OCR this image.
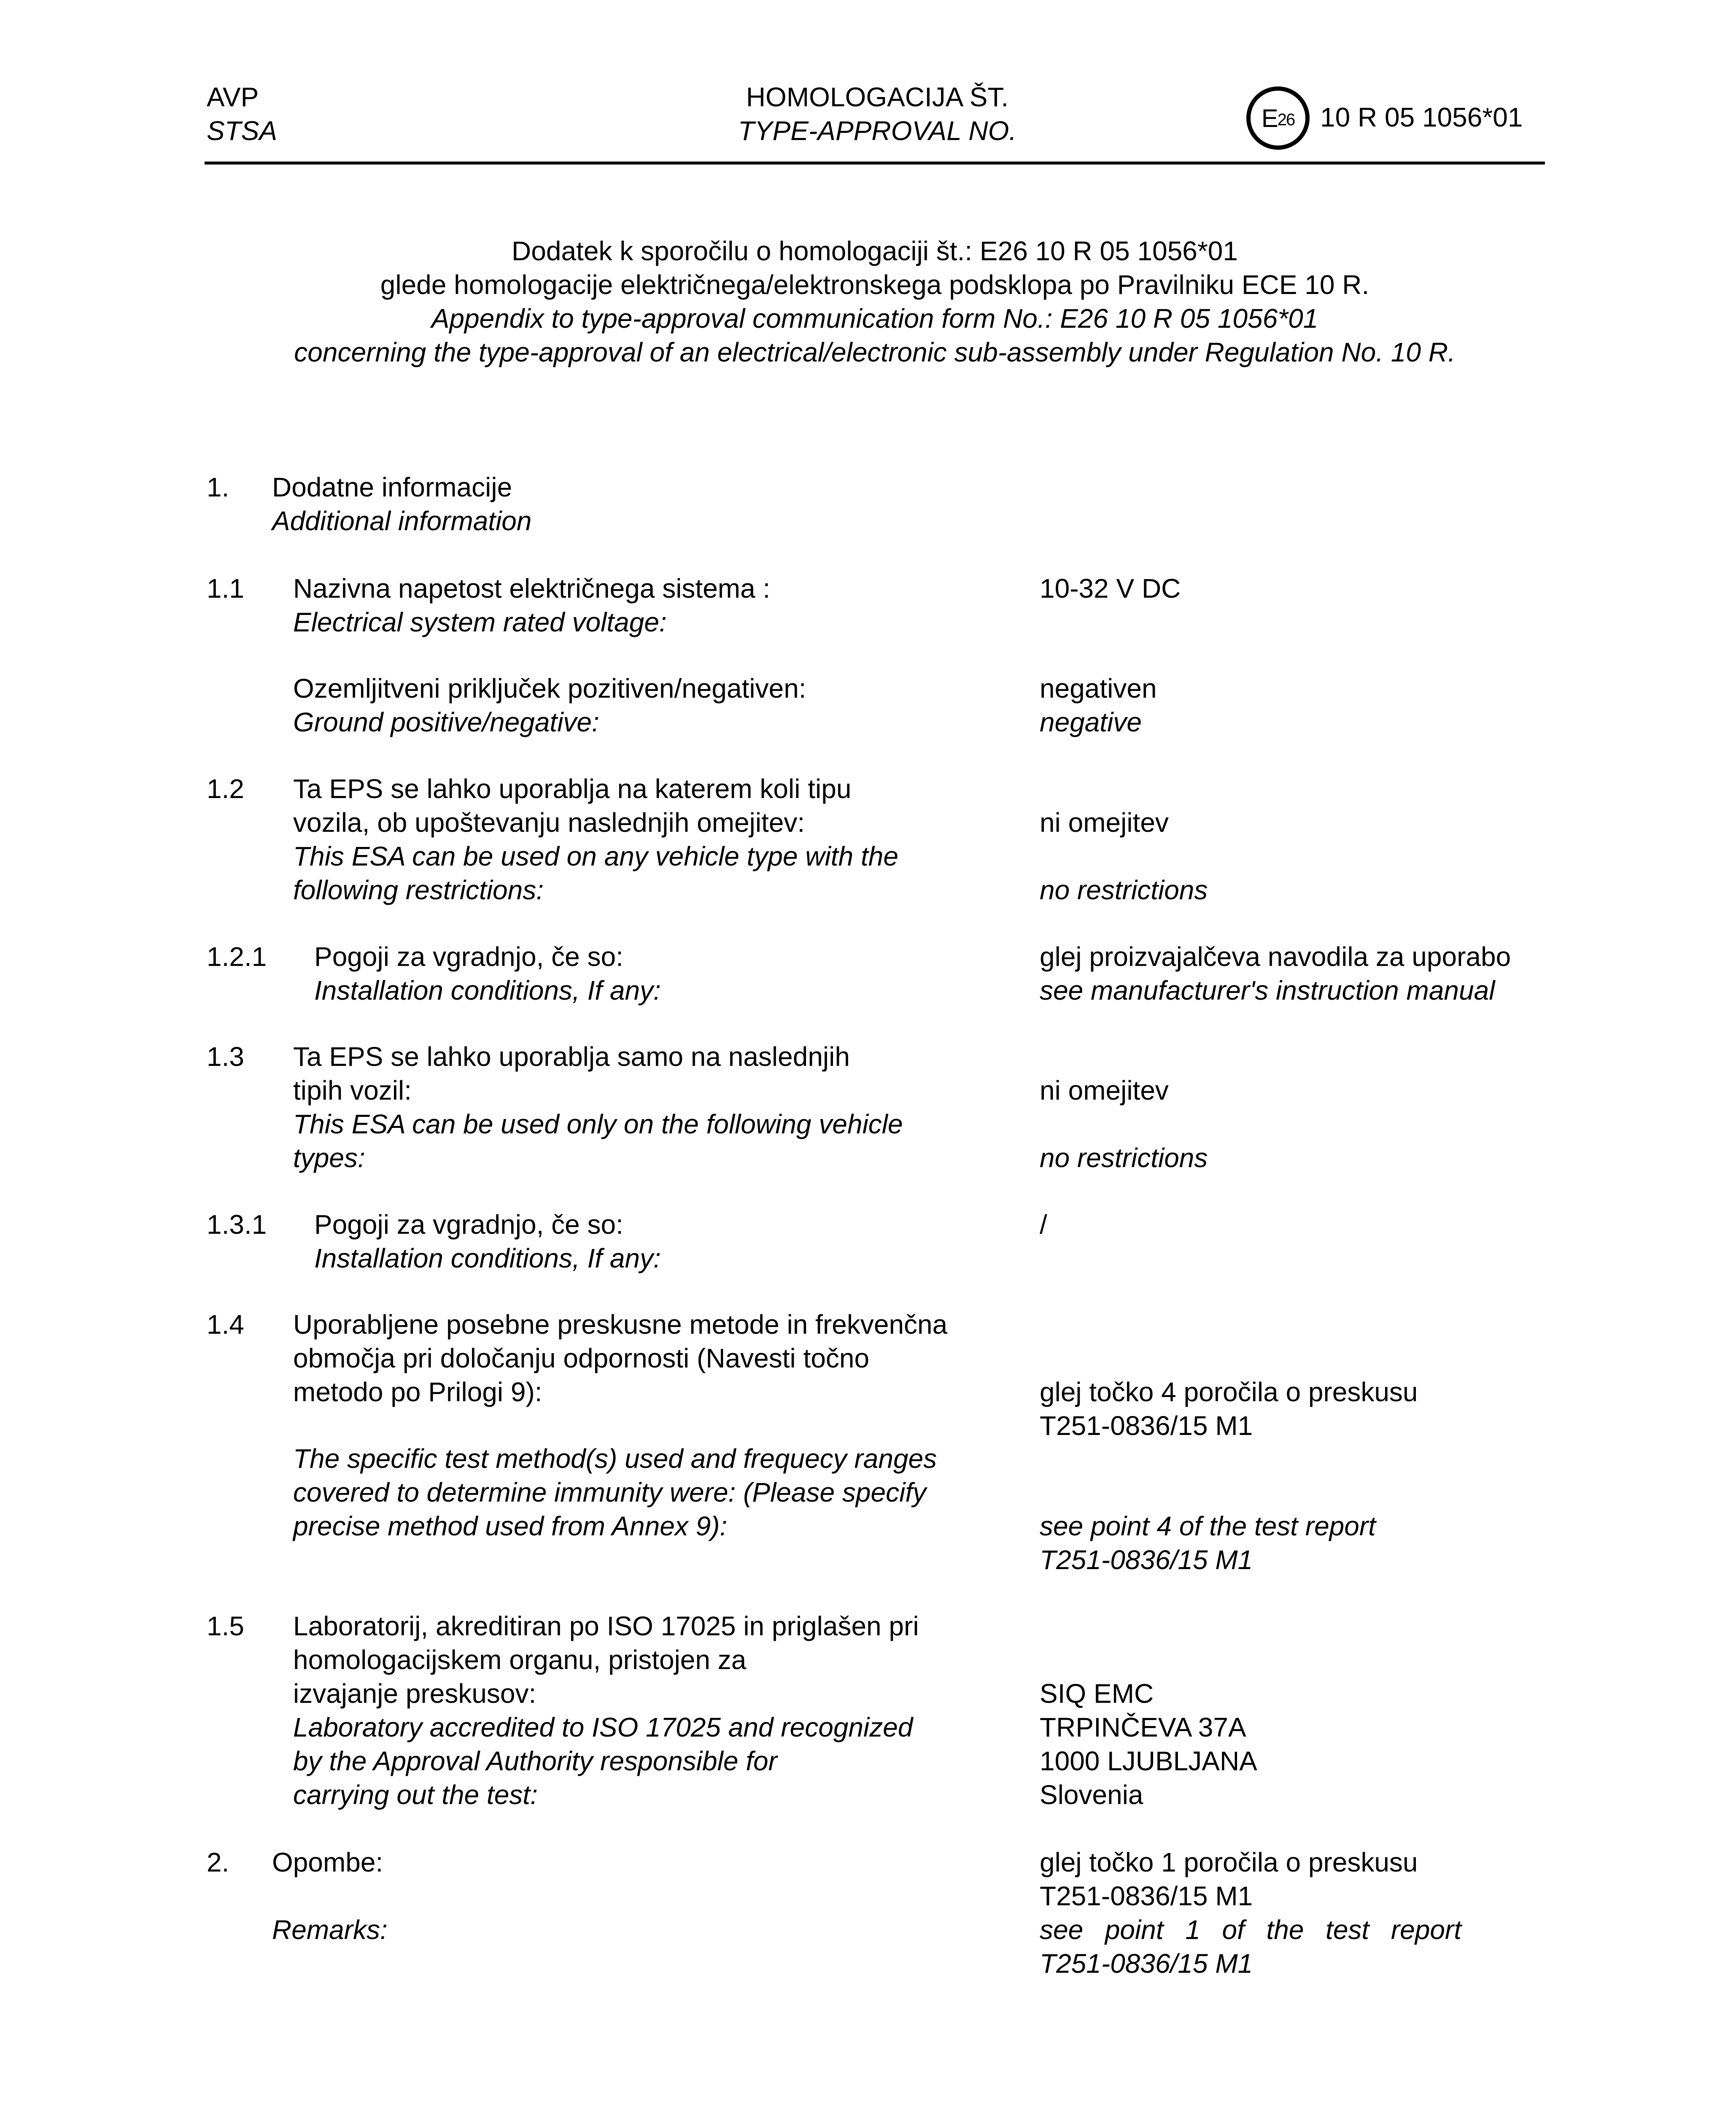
AVP
STSA
HOMOLOGACIJA ŠT.
TYPE-APPROVAL NO.	E26 10 R 05 1056*01
Dodatek k sporočilu o homologaciji št.: E26 10 R 05 1056*01
glede homologacije električnega/elektronskega podsklopa po Pravilniku ECE 10 R.
Appendix to type-approval communication form No.: E26 10 R 05 1056*01
concerning the type-approval of an electrical/electronic sub-assembly under Regulation No. 10 R.
1. Dodatne informacije
Additional information
1.1 Nazivna napetost električnega sistema :
Electrical system rated voltage:
10-32 V DC
Ozemljitveni priključek pozitiven/negativen:
Ground positive/negative:
negativen
negative
1.2 Ta EPS se lahko uporablja na katerem koli tipu
vozila, ob upoštevanju naslednjih omejitev:
This ESA can be used on any vehicle type with the
following restrictions:
ni omejitev
no restrictions
1.2.1 Pogoji za vgradnjo, če so:
Installation conditions, If any:
glej proizvajalčeva navodila za uporabo
see manufacturer's instruction manual
1.3 Ta EPS se lahko uporablja samo na naslednjih
tipih vozil:
This ESA can be used only on the following vehicle
types:
ni omejitev
no restrictions
1.3.1 Pogoji za vgradnjo, če so:
Installation conditions, If any:
/
1.4 Uporabljene posebne preskusne metode in frekvenčna
območja pri določanju odpornosti (Navesti točno
metodo po Prilogi 9):
The specific test method(s) used and frequecy ranges
covered to determine immunity were: (Please specify
precise method used from Annex 9):
glej točko 4 poročila o preskusu
T251-0836/15 M1
see point 4 of the test report
T251-0836/15 M1
1.5 Laboratorij, akreditiran po ISO 17025 in priglašen pri
homologacijskem organu, pristojen za
izvajanje preskusov:
Laboratory accredited to ISO 17025 and recognized
by the Approval Authority responsible for
carrying out the test:
SIQ EMC
TRPINČEVA 37A
1000 LJUBLJANA
Slovenia
2. Opombe:
Remarks:
glej točko 1 poročila o preskusu
T251-0836/15 M1
see point 1 of the test report
T251-0836/15 M1
